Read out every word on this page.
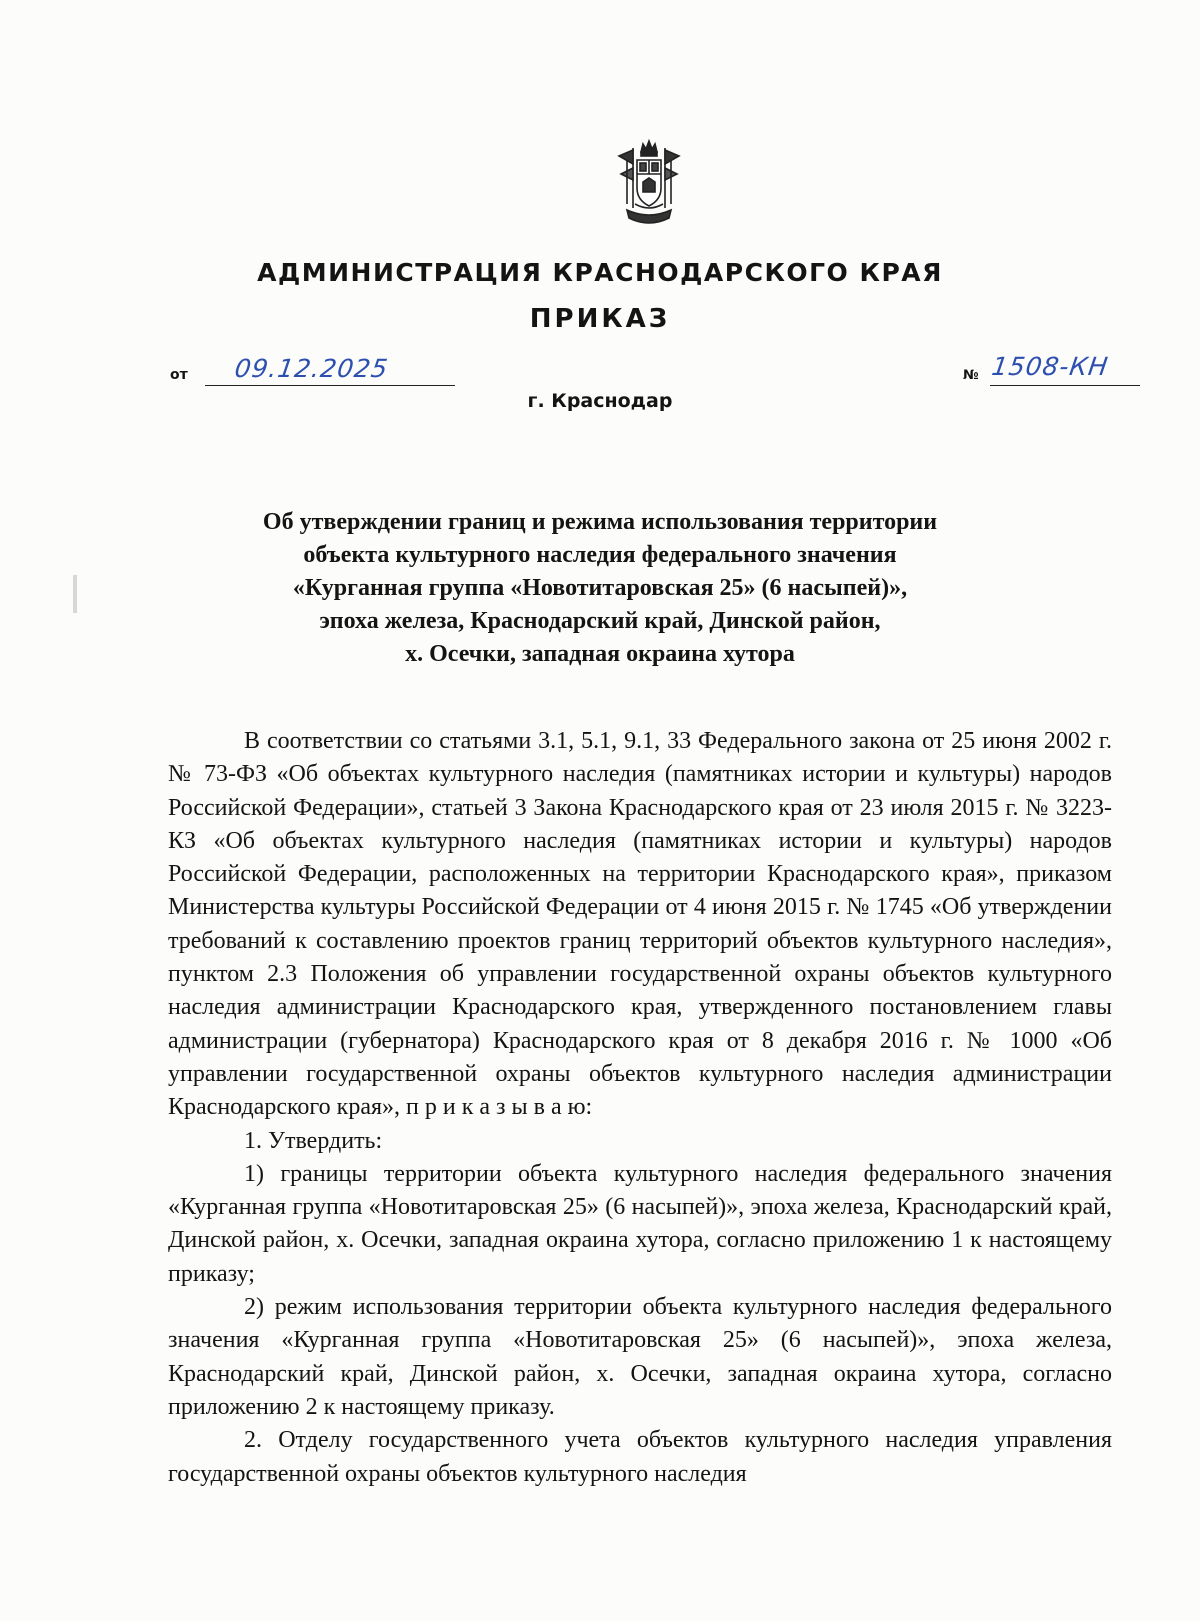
АДМИНИСТРАЦИЯ КРАСНОДАРСКОГО КРАЯ
ПРИКАЗ
от 09.12.2025	№ 1508-КН

г. Краснодар

Об утверждении границ и режима использования территории
объекта культурного наследия федерального значения
«Курганная группа «Новотитаровская 25» (6 насыпей)»,
эпоха железа, Краснодарский край, Динской район,
х. Осечки, западная окраина хутора

В соответствии со статьями 3.1, 5.1, 9.1, 33 Федерального закона от 25 июня 2002 г. № 73-ФЗ «Об объектах культурного наследия (памятниках истории и культуры) народов Российской Федерации», статьей 3 Закона Краснодарского края от 23 июля 2015 г. № 3223-КЗ «Об объектах культурного наследия (памятниках истории и культуры) народов Российской Федерации, расположенных на территории Краснодарского края», приказом Министерства культуры Российской Федерации от 4 июня 2015 г. № 1745 «Об утверждении требований к составлению проектов границ территорий объектов культурного наследия», пунктом 2.3 Положения об управлении государственной охраны объектов культурного наследия администрации Краснодарского края, утвержденного постановлением главы администрации (губернатора) Краснодарского края от 8 декабря 2016 г. № 1000 «Об управлении государственной охраны объектов культурного наследия администрации Краснодарского края», п р и к а з ы в а ю:

1. Утвердить:

1) границы территории объекта культурного наследия федерального значения «Курганная группа «Новотитаровская 25» (6 насыпей)», эпоха железа, Краснодарский край, Динской район, х. Осечки, западная окраина хутора, согласно приложению 1 к настоящему приказу;

2) режим использования территории объекта культурного наследия федерального значения «Курганная группа «Новотитаровская 25» (6 насыпей)», эпоха железа, Краснодарский край, Динской район, х. Осечки, западная окраина хутора, согласно приложению 2 к настоящему приказу.

2. Отделу государственного учета объектов культурного наследия управления государственной охраны объектов культурного наследия
